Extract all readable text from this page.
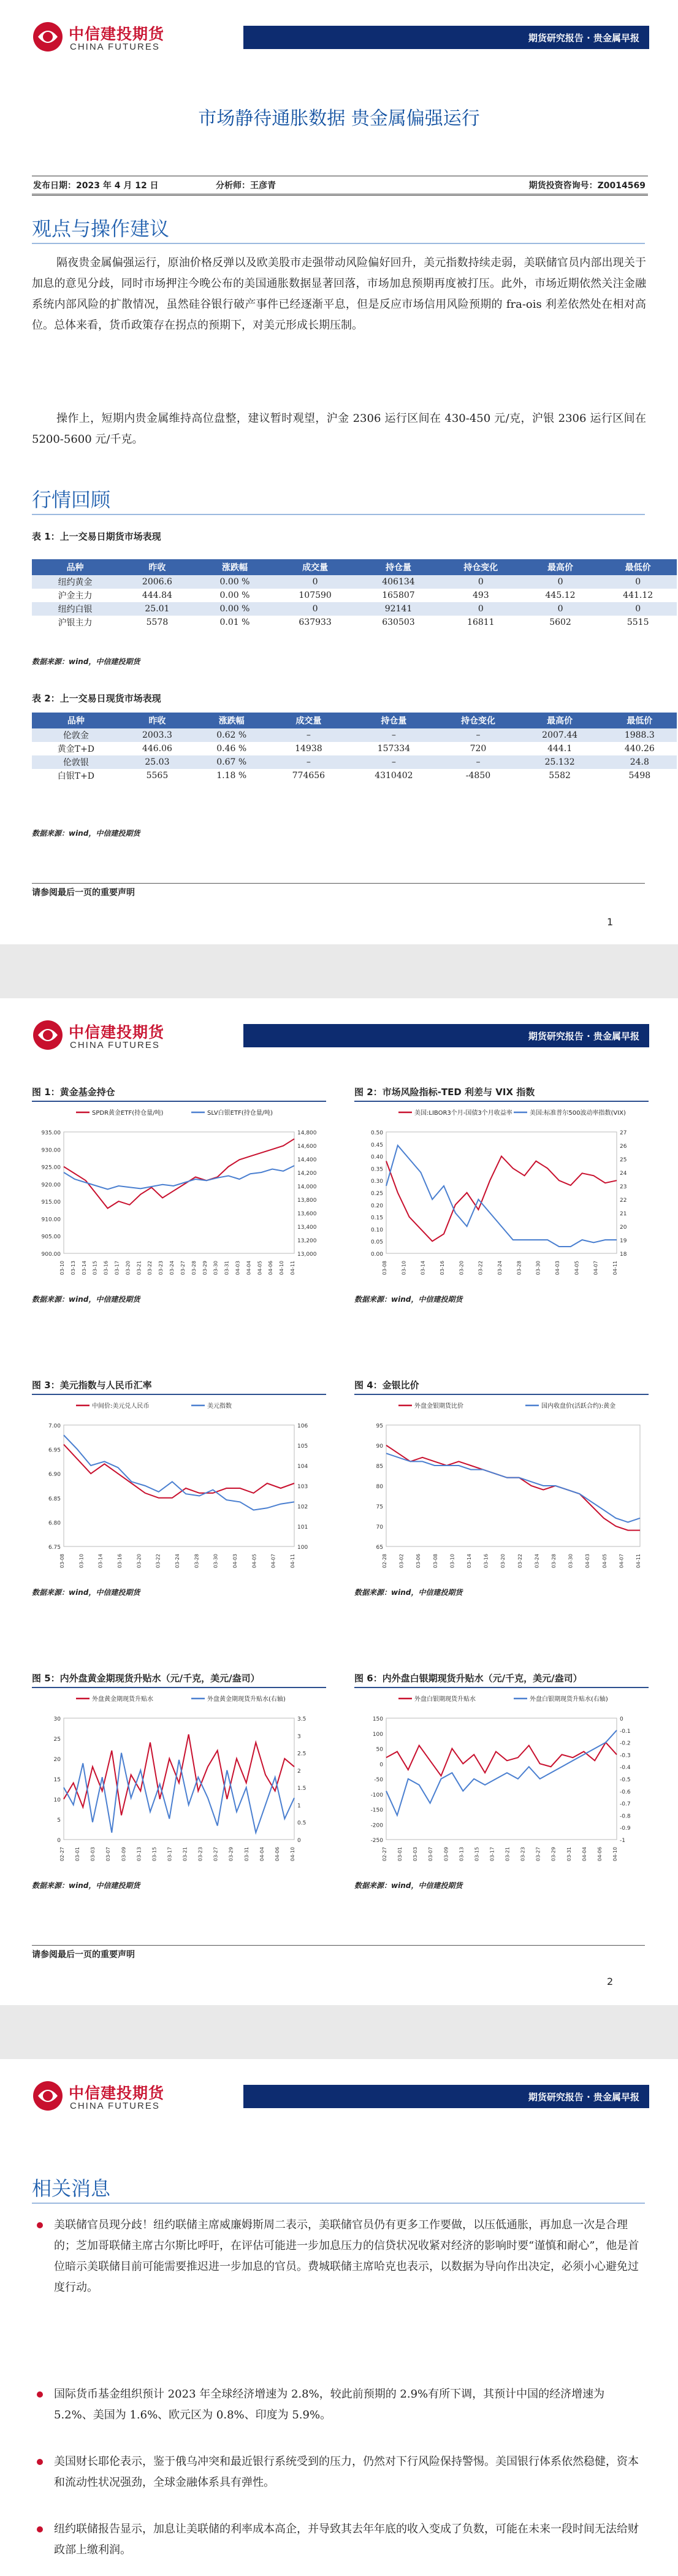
中信建投期货
CHINA FUTURES
期货研究报告 · 贵金属早报
市场静待通胀数据 贵金属偏强运行
发布日期：2023 年 4 月 12 日	分析师：王彦青	期货投资咨询号：Z0014569
观点与操作建议
隔夜贵金属偏强运行，原油价格反弹以及欧美股市走强带动风险偏好回升，美元指数持续走弱，美联储官员内部出现关于加息的意见分歧，同时市场押注今晚公布的美国通胀数据显著回落，市场加息预期再度被打压。此外，市场近期依然关注金融系统内部风险的扩散情况，虽然硅谷银行破产事件已经逐渐平息，但是反应市场信用风险预期的 fra-ois 利差依然处在相对高位。总体来看，货币政策存在拐点的预期下，对美元形成长期压制。
操作上，短期内贵金属维持高位盘整，建议暂时观望，沪金 2306 运行区间在 430-450 元/克，沪银 2306 运行区间在 5200-5600 元/千克。
行情回顾
表 1：上一交易日期货市场表现
品种	昨收	涨跌幅	成交量	持仓量	持仓变化	最高价	最低价
纽约黄金	2006.6	0.00 %	0	406134	0	0	0
沪金主力	444.84	0.00 %	107590	165807	493	445.12	441.12
纽约白银	25.01	0.00 %	0	92141	0	0	0
沪银主力	5578	0.01 %	637933	630503	16811	5602	5515
数据来源：wind，中信建投期货
表 2：上一交易日现货市场表现
品种	昨收	涨跌幅	成交量	持仓量	持仓变化	最高价	最低价
伦敦金	2003.3	0.62 %	–	–	–	2007.44	1988.3
黄金T+D	446.06	0.46 %	14938	157334	720	444.1	440.26
伦敦银	25.03	0.67 %	–	–	–	25.132	24.8
白银T+D	5565	1.18 %	774656	4310402	-4850	5582	5498
数据来源：wind，中信建投期货
请参阅最后一页的重要声明
1
中信建投期货
CHINA FUTURES
期货研究报告 · 贵金属早报
图 1：黄金基金持仓
SPDR黄金ETF(持仓量/吨)	SLV白银ETF(持仓量/吨)
935.00
930.00
925.00
920.00
915.00
910.00
905.00
900.00
14,800
14,600
14,400
14,200
14,000
13,800
13,600
13,400
13,200
13,000
03-10 03-13 03-14 03-15 03-16 03-17 03-20 03-21 03-22 03-23 03-24 03-27 03-28 03-29 03-30 03-31 04-03 04-04 04-05 04-06 04-10 04-11
数据来源：wind，中信建投期货
图 2：市场风险指标-TED 利差与 VIX 指数
美国:LIBOR3个月-国债3个月收益率	美国:标准普尔500波动率指数(VIX)
0.50
0.45
0.40
0.35
0.30
0.25
0.20
0.15
0.10
0.05
0.00
27
26
25
24
23
22
21
20
19
18
03-08	03-10	03-14	03-16	03-20	03-22	03-24	03-28	03-30	04-03	04-05	04-07	04-11
数据来源：wind，中信建投期货
图 3：美元指数与人民币汇率
中间价:美元兑人民币	美元指数
7.00
6.95
6.90
6.85
6.80
6.75
106
105
104
103
102
101
100
03-08	03-10	03-14	03-16	03-20	03-22	03-24	03-28	03-30	04-03	04-05	04-07	04-11
数据来源：wind，中信建投期货
图 4：金银比价
外盘金银期货比价	国内收盘价(活跃合约):黄金
95
90
85
80
75
70
65
02-28 03-02 03-06 03-08 03-10 03-14 03-16 03-20 03-22 03-24 03-28 03-30 04-03 04-05 04-07 04-11
数据来源：wind，中信建投期货
图 5：内外盘黄金期现货升贴水（元/千克，美元/盎司）
外盘黄金期现货升贴水	外盘黄金期现货升贴水(右轴)
30
25
20
15
10
5
0
3.5
3
2.5
2
1.5
1
0.5
0
02-27 03-01 03-03 03-07 03-09 03-13 03-15 03-17 03-21 03-23 03-27 03-29 03-31 04-04 04-06 04-10
数据来源：wind，中信建投期货
图 6：内外盘白银期现货升贴水（元/千克，美元/盎司）
外盘白银期现货升贴水	外盘白银期现货升贴水(右轴)
150
100
50
0
-50
-100
-150
-200
-250
0
-0.1
-0.2
-0.3
-0.4
-0.5
-0.6
-0.7
-0.8
-0.9
-1
02-27 03-01 03-03 03-07 03-09 03-13 03-15 03-17 03-21 03-23 03-27 03-29 03-31 04-04 04-06 04-10
数据来源：wind，中信建投期货
请参阅最后一页的重要声明
2
中信建投期货
CHINA FUTURES
期货研究报告 · 贵金属早报
相关消息
美联储官员现分歧！纽约联储主席威廉姆斯周二表示，美联储官员仍有更多工作要做，以压低通胀，再加息一次是合理的；芝加哥联储主席古尔斯比呼吁，在评估可能进一步加息压力的信贷状况收紧对经济的影响时要“谨慎和耐心”，他是首位暗示美联储目前可能需要推迟进一步加息的官员。费城联储主席哈克也表示，以数据为导向作出决定，必须小心避免过度行动。
国际货币基金组织预计 2023 年全球经济增速为 2.8%，较此前预期的 2.9%有所下调，其预计中国的经济增速为 5.2%、美国为 1.6%、欧元区为 0.8%、印度为 5.9%。
美国财长耶伦表示，鉴于俄乌冲突和最近银行系统受到的压力，仍然对下行风险保持警惕。美国银行体系依然稳健，资本和流动性状况强劲，全球金融体系具有弹性。
纽约联储报告显示，加息让美联储的利率成本高企，并导致其去年年底的收入变成了负数，可能在未来一段时间无法给财政部上缴利润。
